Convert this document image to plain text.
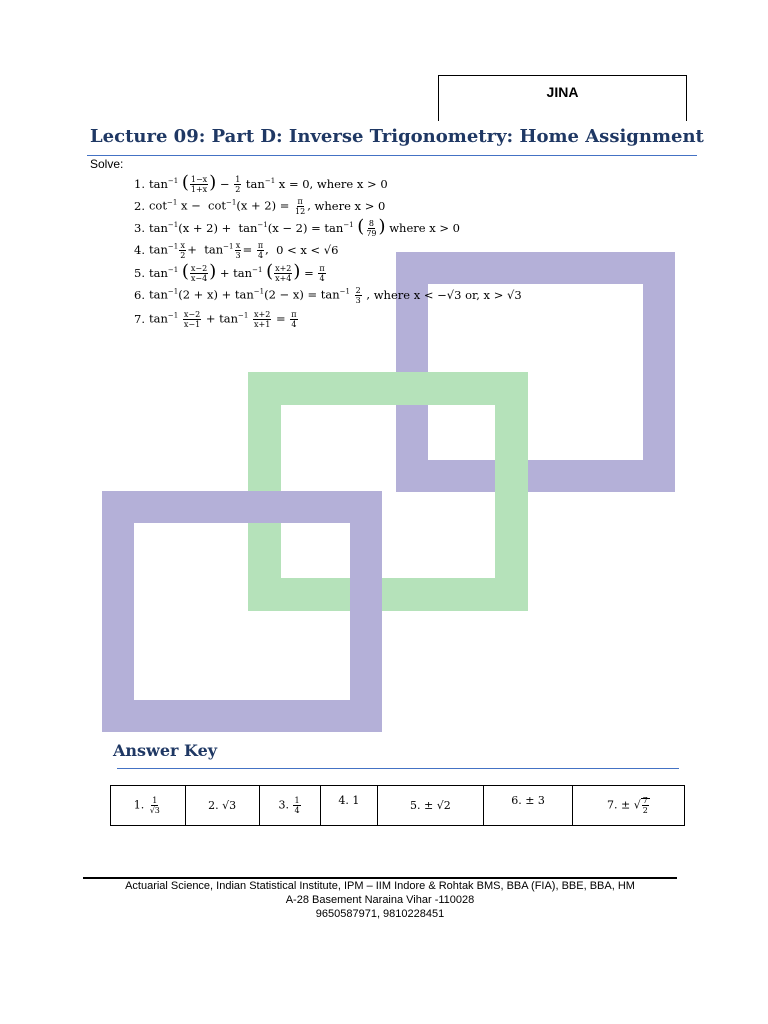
JINA
Lecture 09: Part D: Inverse Trigonometry: Home Assignment
Solve:
1. $\tan^{-1}$ ( $\frac{1-x}{1+x}$ ) − $\frac{1}{2} \tan^{-1} x = 0$, where x > 0
2. $\cot^{-1} x - \cot^{-1}(x + 2) = \frac{\pi}{12}$ , where x > 0
3. $\tan^{-1}(x + 2) + \tan^{-1}(x - 2) = \tan^{-1}$ ( $\frac{8}{79}$ ) where x > 0
4. $\tan^{-1} \frac{x}{2} + \tan^{-1} \frac{x}{3} = \frac{\pi}{4}$ , 0 < x < √6
5. $\tan^{-1}$ ( $\frac{x-2}{x-4}$ ) + $\tan^{-1}$ ( $\frac{x+2}{x+4}$ ) = $\frac{\pi}{4}$
6. $\tan^{-1}(2 + x) + \tan^{-1}(2 - x) = \tan^{-1} \frac{2}{3}$ , where x < −√3 or, x > √3
7. $\tan^{-1} \frac{x-2}{x-1} + \tan^{-1} \frac{x+2}{x+1} = \frac{\pi}{4}$
Answer Key
1. $\frac{1}{√3}$	2. √3	3. $\frac{1}{4}$	4. 1	5. ± √2	6. ± 3	7. ± √ $\frac{7}{2}$
Actuarial Science, Indian Statistical Institute, IPM – IIM Indore & Rohtak BMS, BBA (FIA), BBE, BBA, HM
A-28 Basement Naraina Vihar -110028
9650587971, 9810228451
